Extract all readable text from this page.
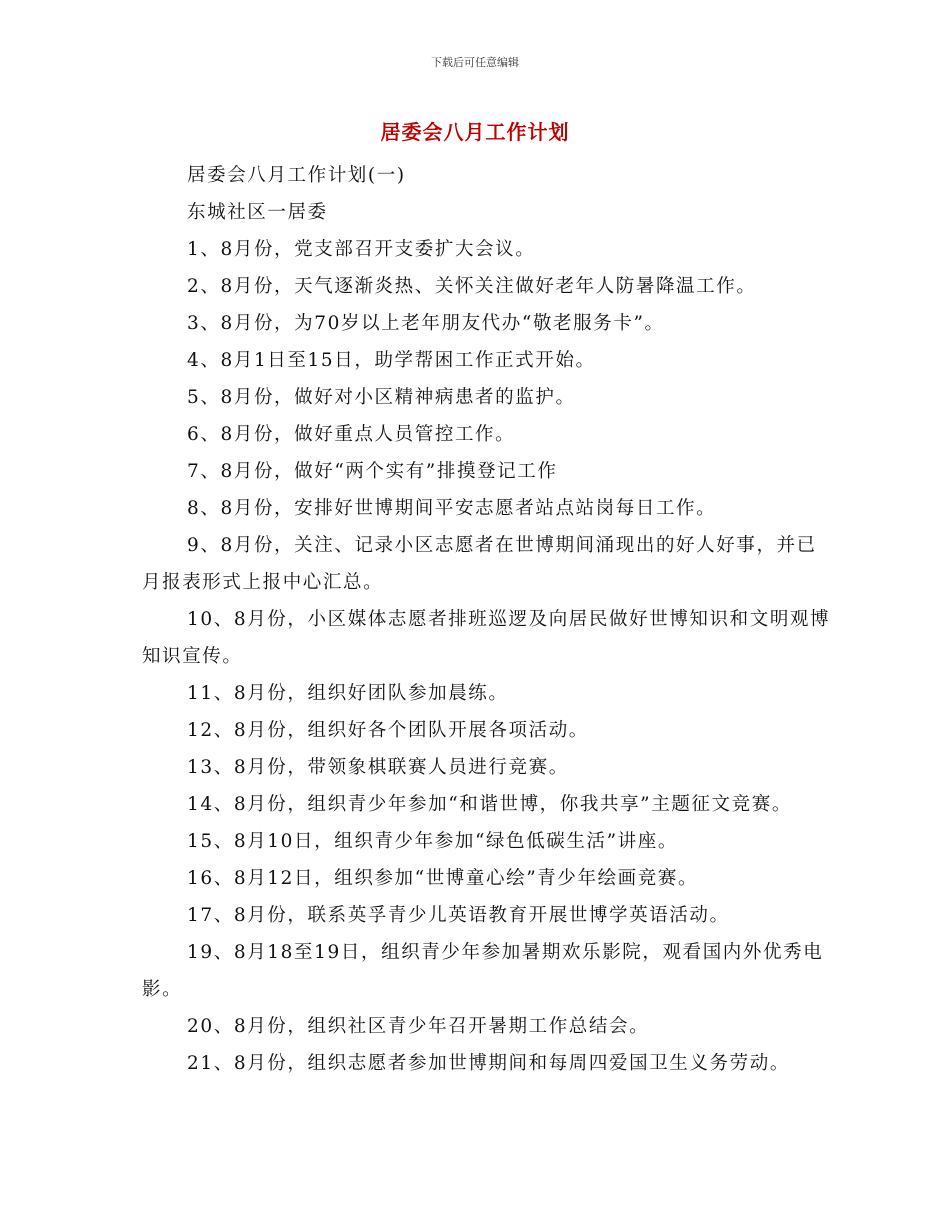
下载后可任意编辑
居委会八月工作计划

居委会八月工作计划(一)

东城社区一居委

1、8月份，党支部召开支委扩大会议。

2、8月份，天气逐渐炎热、关怀关注做好老年人防暑降温工作。

3、8月份，为70岁以上老年朋友代办“敬老服务卡”。

4、8月1日至15日，助学帮困工作正式开始。

5、8月份，做好对小区精神病患者的监护。

6、8月份，做好重点人员管控工作。

7、8月份，做好“两个实有”排摸登记工作

8、8月份，安排好世博期间平安志愿者站点站岗每日工作。

9、8月份，关注、记录小区志愿者在世博期间涌现出的好人好事，并已月报表形式上报中心汇总。

10、8月份，小区媒体志愿者排班巡逻及向居民做好世博知识和文明观博知识宣传。

11、8月份，组织好团队参加晨练。

12、8月份，组织好各个团队开展各项活动。

13、8月份，带领象棋联赛人员进行竞赛。

14、8月份，组织青少年参加“和谐世博，你我共享”主题征文竞赛。

15、8月10日，组织青少年参加“绿色低碳生活”讲座。

16、8月12日，组织参加“世博童心绘”青少年绘画竞赛。

17、8月份，联系英孚青少儿英语教育开展世博学英语活动。

19、8月18至19日，组织青少年参加暑期欢乐影院，观看国内外优秀电影。

20、8月份，组织社区青少年召开暑期工作总结会。

21、8月份，组织志愿者参加世博期间和每周四爱国卫生义务劳动。
